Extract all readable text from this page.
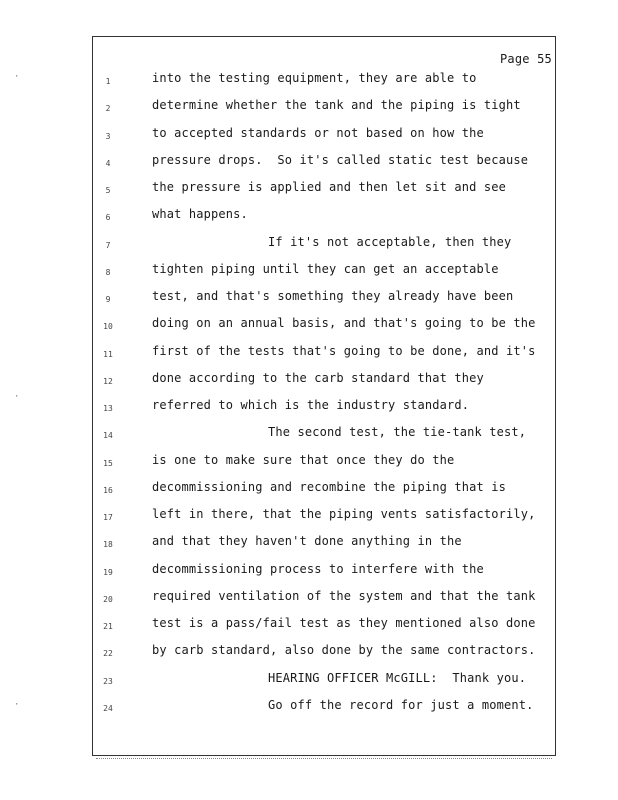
Page 55
1	into the testing equipment, they are able to
2	determine whether the tank and the piping is tight
3	to accepted standards or not based on how the
4	pressure drops.  So it's called static test because
5	the pressure is applied and then let sit and see
6	what happens.
7	If it's not acceptable, then they
8	tighten piping until they can get an acceptable
9	test, and that's something they already have been
10	doing on an annual basis, and that's going to be the
11	first of the tests that's going to be done, and it's
12	done according to the carb standard that they
13	referred to which is the industry standard.
14	The second test, the tie-tank test,
15	is one to make sure that once they do the
16	decommissioning and recombine the piping that is
17	left in there, that the piping vents satisfactorily,
18	and that they haven't done anything in the
19	decommissioning process to interfere with the
20	required ventilation of the system and that the tank
21	test is a pass/fail test as they mentioned also done
22	by carb standard, also done by the same contractors.
23	HEARING OFFICER McGILL:  Thank you.
24	Go off the record for just a moment.
·
·
·
